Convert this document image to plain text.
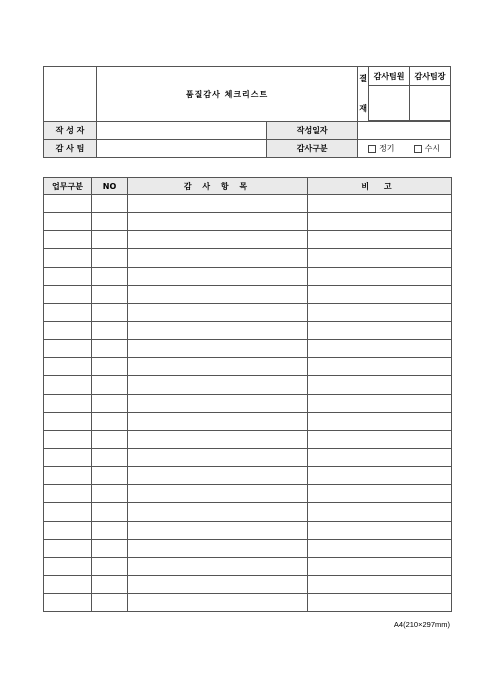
	품질감사 체크리스트		결
재	감사팀원	감사팀장

작 성 자		작성일자			
감 사 팀		감사구분	정기 수시		
업무구분	NO	감 사 항 목	비 고

A4(210×297mm)
